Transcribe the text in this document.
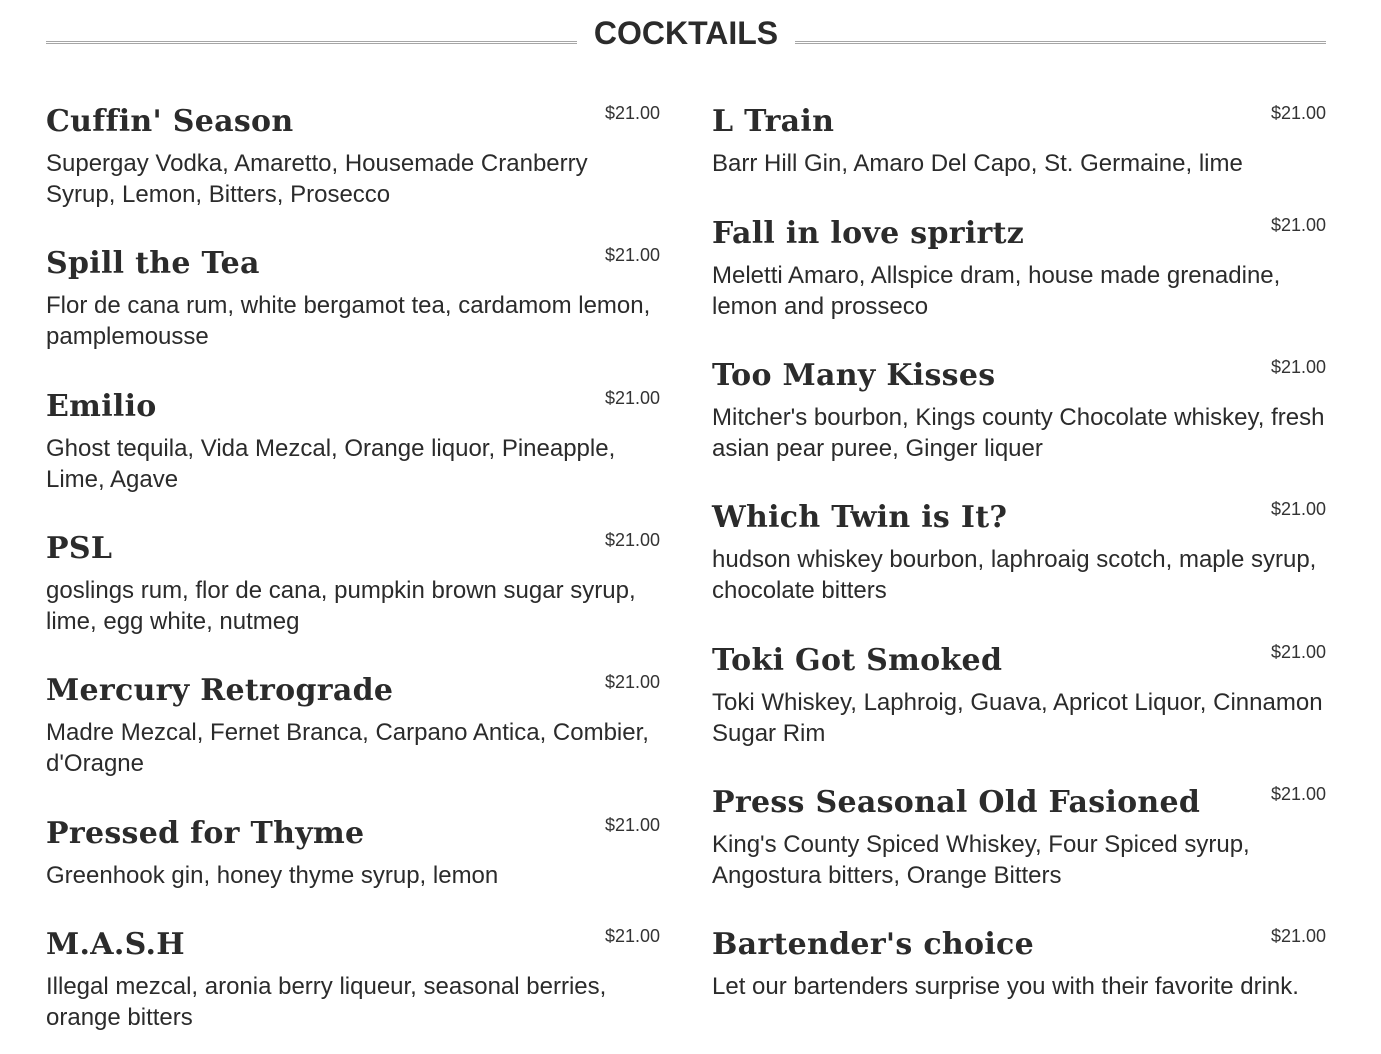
COCKTAILS
Cuffin' Season	$21.00

Supergay Vodka, Amaretto, Housemade Cranberry Syrup, Lemon, Bitters, Prosecco

Spill the Tea	$21.00

Flor de cana rum, white bergamot tea, cardamom lemon, pamplemousse

Emilio	$21.00

Ghost tequila, Vida Mezcal, Orange liquor, Pineapple, Lime, Agave

PSL	$21.00

goslings rum, flor de cana, pumpkin brown sugar syrup, lime, egg white, nutmeg

Mercury Retrograde	$21.00

Madre Mezcal, Fernet Branca, Carpano Antica, Combier, d'Oragne

Pressed for Thyme	$21.00

Greenhook gin, honey thyme syrup, lemon

M.A.S.H	$21.00

Illegal mezcal, aronia berry liqueur, seasonal berries, orange bitters

L Train	$21.00

Barr Hill Gin, Amaro Del Capo, St. Germaine, lime

Fall in love sprirtz	$21.00

Meletti Amaro, Allspice dram, house made grenadine, lemon and prosseco

Too Many Kisses	$21.00

Mitcher's bourbon, Kings county Chocolate whiskey, fresh asian pear puree, Ginger liquer

Which Twin is It?	$21.00

hudson whiskey bourbon, laphroaig scotch, maple syrup, chocolate bitters

Toki Got Smoked	$21.00

Toki Whiskey, Laphroig, Guava, Apricot Liquor, Cinnamon Sugar Rim

Press Seasonal Old Fasioned	$21.00

King's County Spiced Whiskey, Four Spiced syrup, Angostura bitters, Orange Bitters

Bartender's choice	$21.00

Let our bartenders surprise you with their favorite drink.
